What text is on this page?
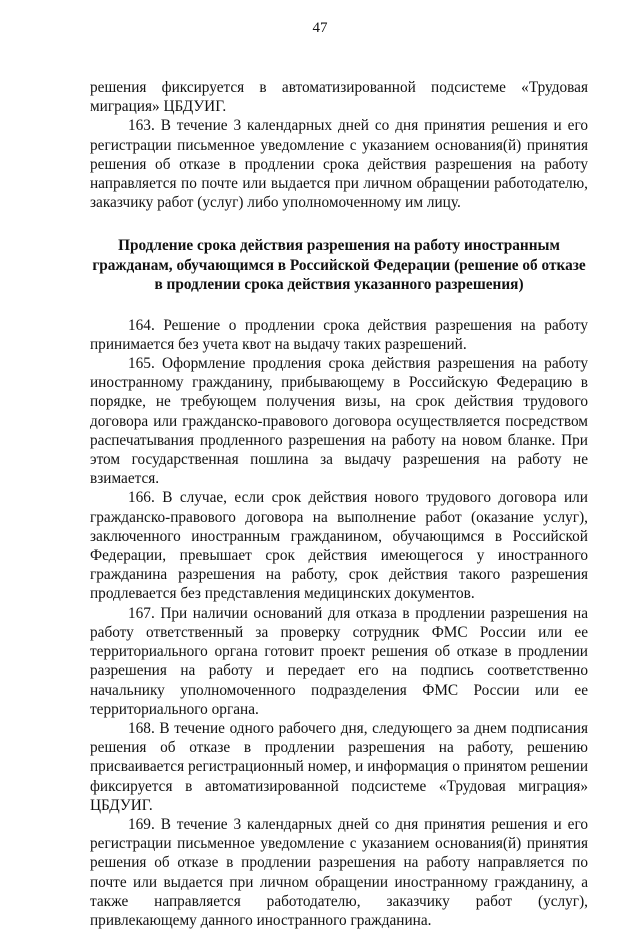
47

решения фиксируется в автоматизированной подсистеме «Трудовая миграция» ЦБДУИГ.

163. В течение 3 календарных дней со дня принятия решения и его регистрации письменное уведомление с указанием основания(й) принятия решения об отказе в продлении срока действия разрешения на работу направляется по почте или выдается при личном обращении работодателю, заказчику работ (услуг) либо уполномоченному им лицу.

Продление срока действия разрешения на работу иностранным гражданам, обучающимся в Российской Федерации (решение об отказе в продлении срока действия указанного разрешения)

164. Решение о продлении срока действия разрешения на работу принимается без учета квот на выдачу таких разрешений.

165. Оформление продления срока действия разрешения на работу иностранному гражданину, прибывающему в Российскую Федерацию в порядке, не требующем получения визы, на срок действия трудового договора или гражданско-правового договора осуществляется посредством распечатывания продленного разрешения на работу на новом бланке. При этом государственная пошлина за выдачу разрешения на работу не взимается.

166. В случае, если срок действия нового трудового договора или гражданско-правового договора на выполнение работ (оказание услуг), заключенного иностранным гражданином, обучающимся в Российской Федерации, превышает срок действия имеющегося у иностранного гражданина разрешения на работу, срок действия такого разрешения продлевается без представления медицинских документов.

167. При наличии оснований для отказа в продлении разрешения на работу ответственный за проверку сотрудник ФМС России или ее территориального органа готовит проект решения об отказе в продлении разрешения на работу и передает его на подпись соответственно начальнику уполномоченного подразделения ФМС России или ее территориального органа.

168. В течение одного рабочего дня, следующего за днем подписания решения об отказе в продлении разрешения на работу, решению присваивается регистрационный номер, и информация о принятом решении фиксируется в автоматизированной подсистеме «Трудовая миграция» ЦБДУИГ.

169. В течение 3 календарных дней со дня принятия решения и его регистрации письменное уведомление с указанием основания(й) принятия решения об отказе в продлении разрешения на работу направляется по почте или выдается при личном обращении иностранному гражданину, а также направляется работодателю, заказчику работ (услуг), привлекающему данного иностранного гражданина.
